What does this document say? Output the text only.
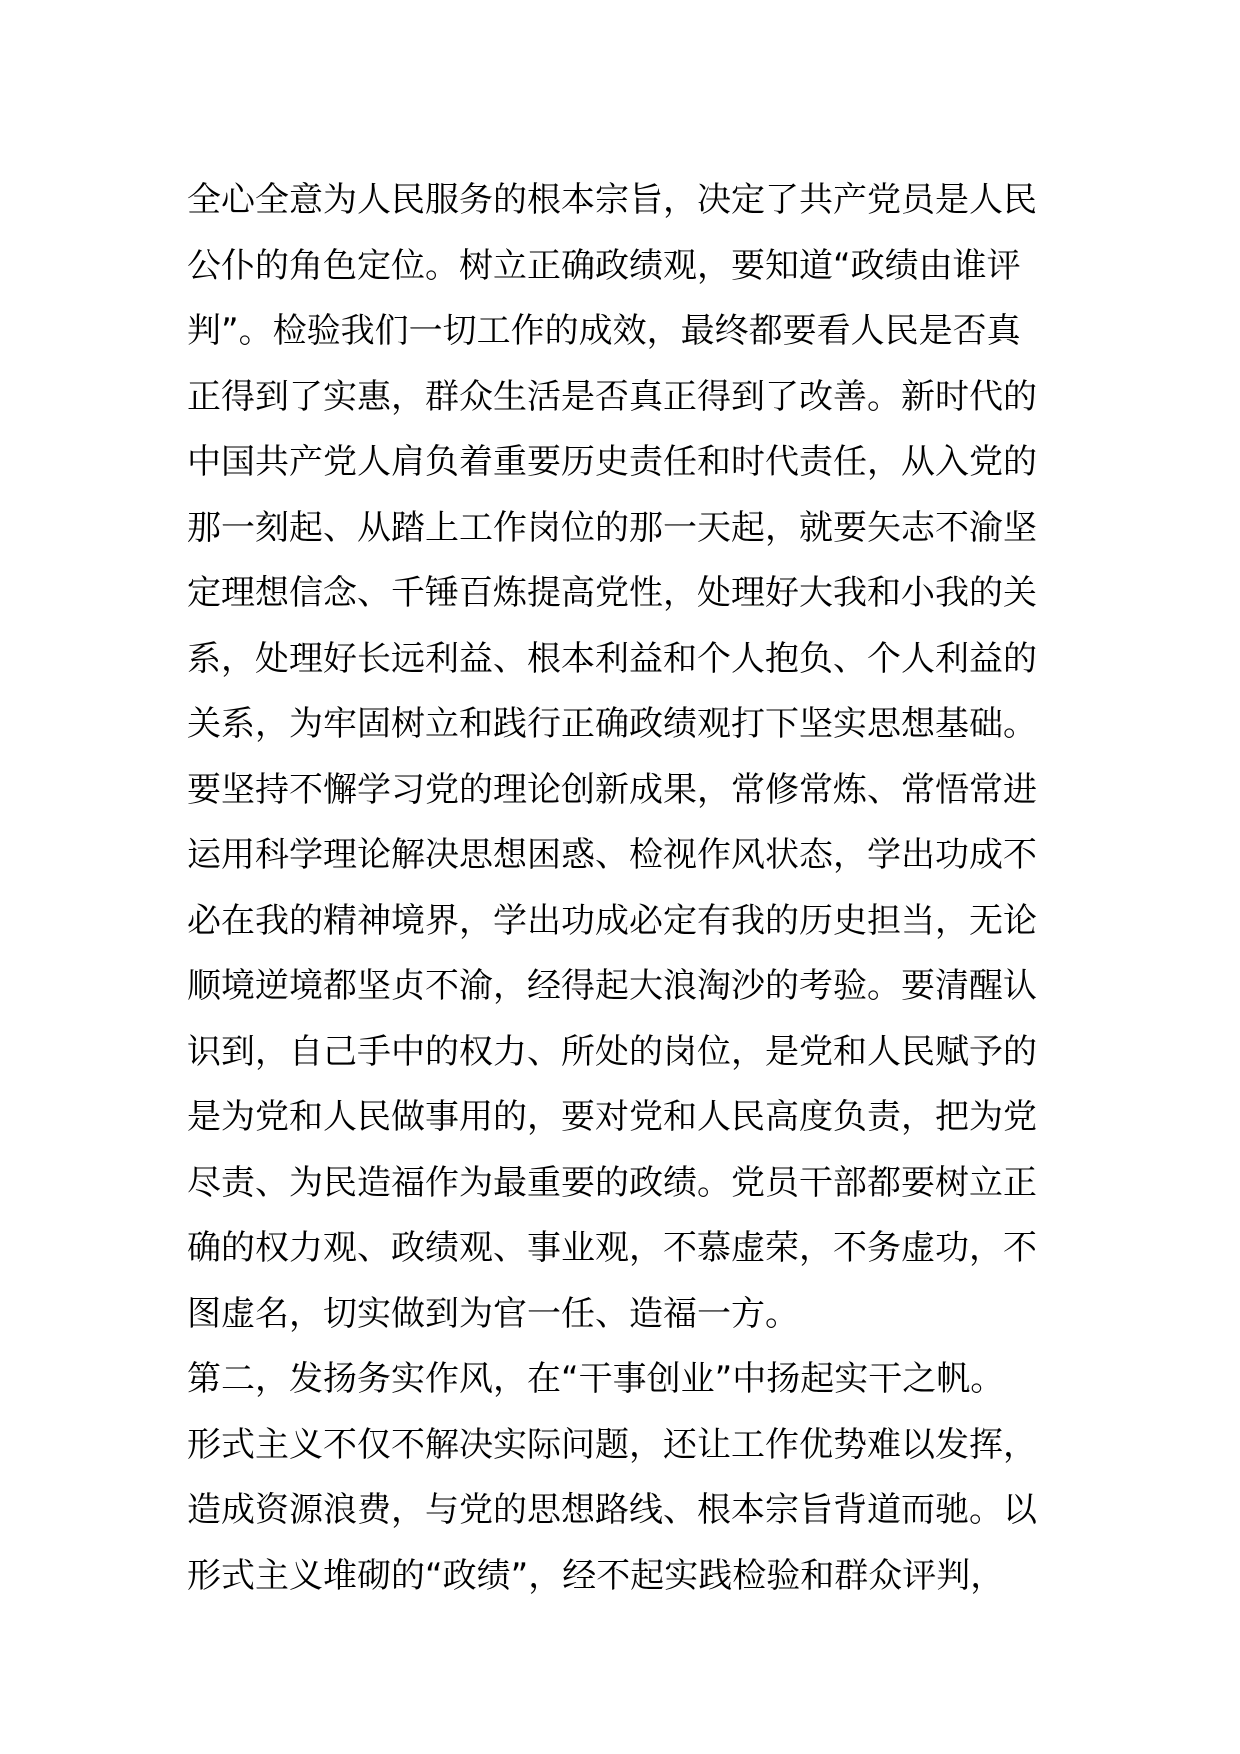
全心全意为人民服务的根本宗旨，决定了共产党员是人民
公仆的角色定位。树立正确政绩观，要知道“政绩由谁评
判”。检验我们一切工作的成效，最终都要看人民是否真
正得到了实惠，群众生活是否真正得到了改善。新时代的
中国共产党人肩负着重要历史责任和时代责任，从入党的
那一刻起、从踏上工作岗位的那一天起，就要矢志不渝坚
定理想信念、千锤百炼提高党性，处理好大我和小我的关
系，处理好长远利益、根本利益和个人抱负、个人利益的
关系，为牢固树立和践行正确政绩观打下坚实思想基础。
要坚持不懈学习党的理论创新成果，常修常炼、常悟常进
运用科学理论解决思想困惑、检视作风状态，学出功成不
必在我的精神境界，学出功成必定有我的历史担当，无论
顺境逆境都坚贞不渝，经得起大浪淘沙的考验。要清醒认
识到，自己手中的权力、所处的岗位，是党和人民赋予的
是为党和人民做事用的，要对党和人民高度负责，把为党
尽责、为民造福作为最重要的政绩。党员干部都要树立正
确的权力观、政绩观、事业观，不慕虚荣，不务虚功，不
图虚名，切实做到为官一任、造福一方。
第二，发扬务实作风，在“干事创业”中扬起实干之帆。
形式主义不仅不解决实际问题，还让工作优势难以发挥，
造成资源浪费，与党的思想路线、根本宗旨背道而驰。以
形式主义堆砌的“政绩”，经不起实践检验和群众评判，
